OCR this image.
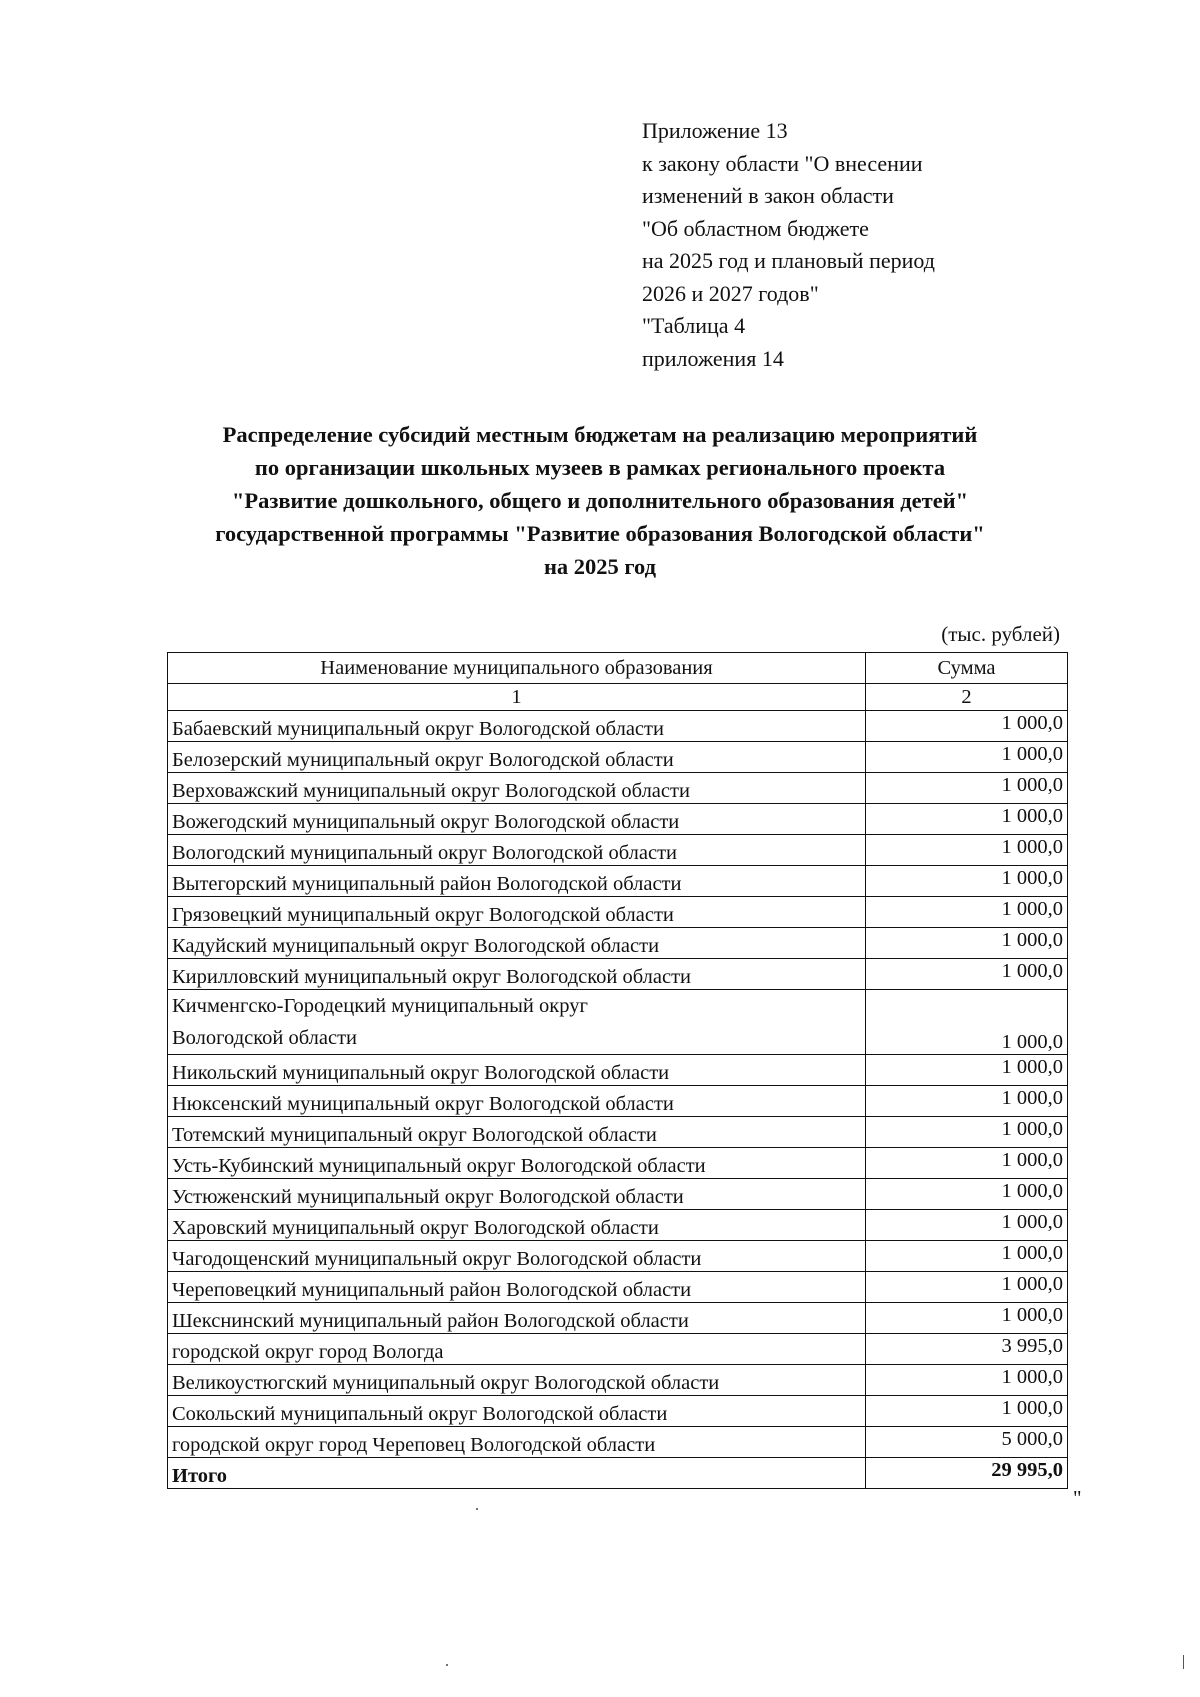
Приложение 13
к закону области "О внесении
изменений в закон области
"Об областном бюджете
на 2025 год и плановый период
2026 и 2027 годов"
"Таблица 4
приложения 14
Распределение субсидий местным бюджетам на реализацию мероприятий
по организации школьных музеев в рамках регионального проекта
"Развитие дошкольного, общего и дополнительного образования детей"
государственной программы "Развитие образования Вологодской области"
на 2025 год
(тыс. рублей)
Наименование муниципального образования	Сумма
1	2
Бабаевский муниципальный округ Вологодской области	1 000,0
Белозерский муниципальный округ Вологодской области	1 000,0
Верховажский муниципальный округ Вологодской области	1 000,0
Вожегодский муниципальный округ Вологодской области	1 000,0
Вологодский муниципальный округ Вологодской области	1 000,0
Вытегорский муниципальный район Вологодской области	1 000,0
Грязовецкий муниципальный округ Вологодской области	1 000,0
Кадуйский муниципальный округ Вологодской области	1 000,0
Кирилловский муниципальный округ Вологодской области	1 000,0

Кичменгско-Городецкий муниципальный округ
Вологодской области	1 000,0
Никольский муниципальный округ Вологодской области	1 000,0
Нюксенский муниципальный округ Вологодской области	1 000,0
Тотемский муниципальный округ Вологодской области	1 000,0
Усть-Кубинский муниципальный округ Вологодской области	1 000,0
Устюженский муниципальный округ Вологодской области	1 000,0
Харовский муниципальный округ Вологодской области	1 000,0
Чагодощенский муниципальный округ Вологодской области	1 000,0
Череповецкий муниципальный район Вологодской области	1 000,0
Шекснинский муниципальный район Вологодской области	1 000,0
городской округ город Вологда	3 995,0
Великоустюгский муниципальный округ Вологодской области	1 000,0
Сокольский муниципальный округ Вологодской области	1 000,0
городской округ город Череповец Вологодской области	5 000,0
Итого	29 995,0
"
